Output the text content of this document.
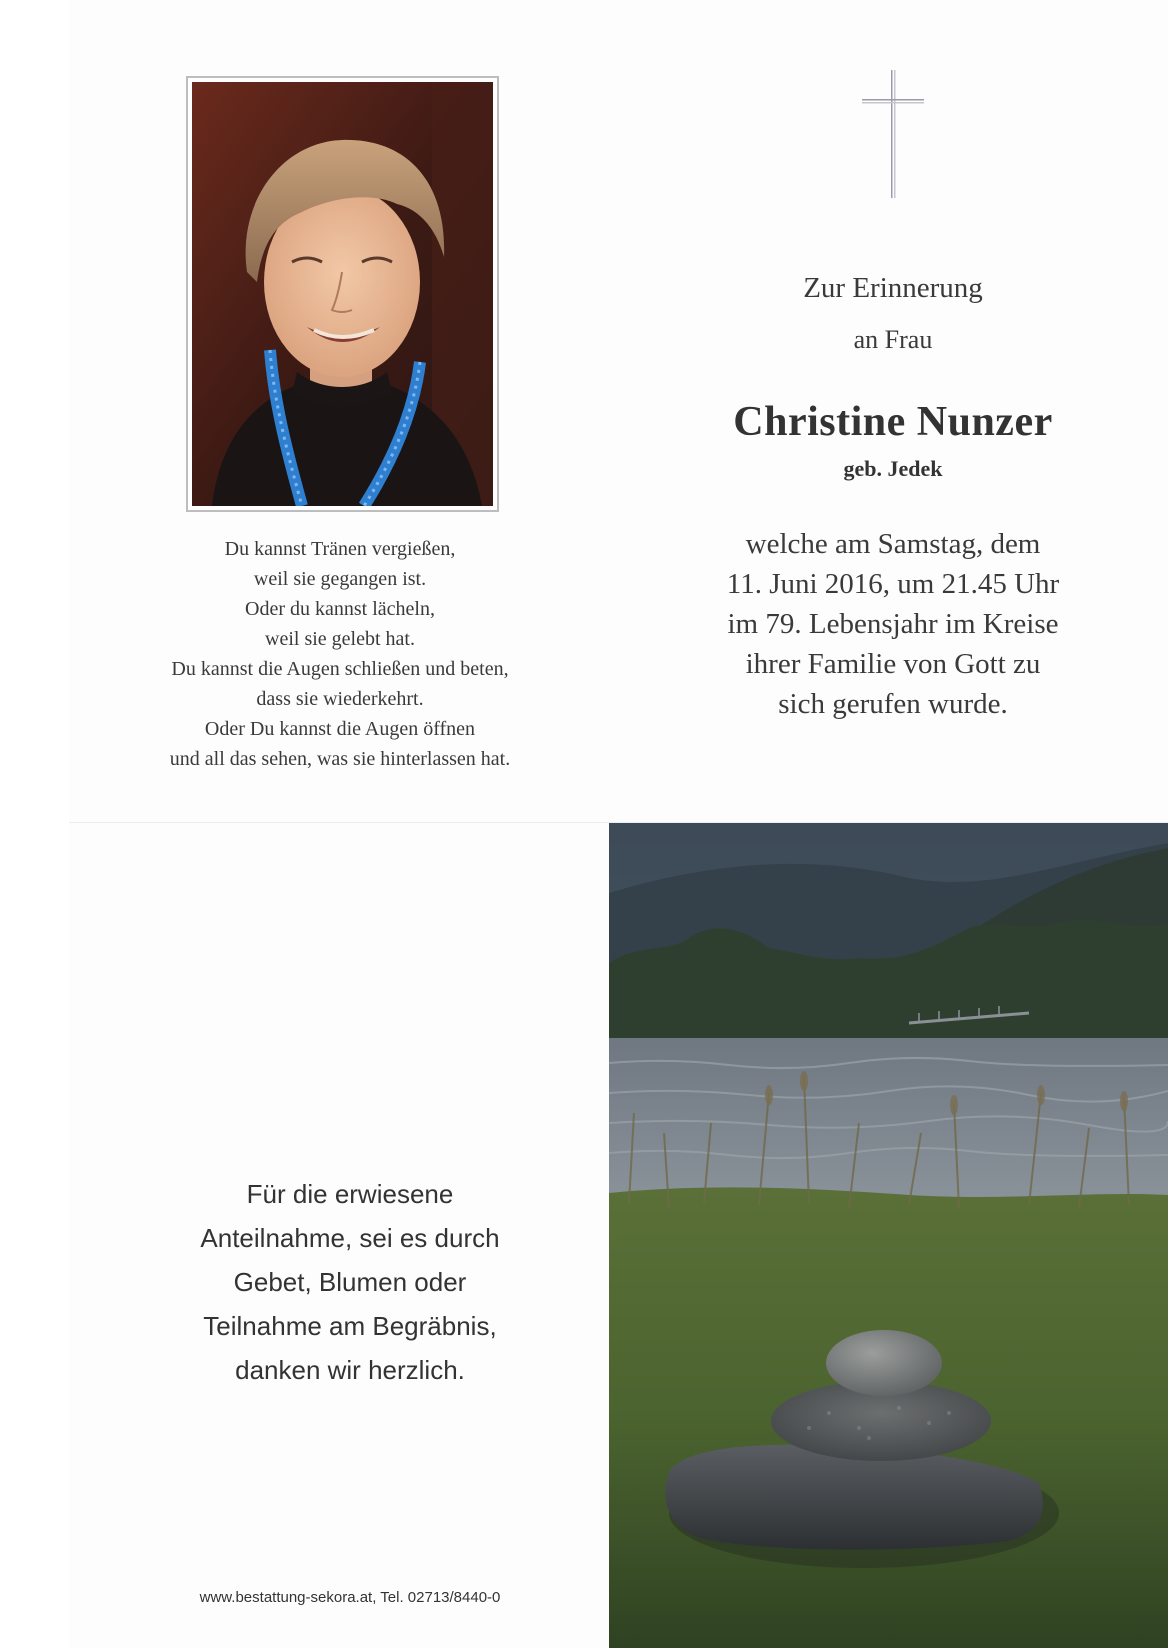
Du kannst Tränen vergießen,
weil sie gegangen ist.
Oder du kannst lächeln,
weil sie gelebt hat.
Du kannst die Augen schließen und beten,
dass sie wiederkehrt.
Oder Du kannst die Augen öffnen
und all das sehen, was sie hinterlassen hat.
Zur Erinnerung
an Frau
Christine Nunzer
geb. Jedek
welche am Samstag, dem
11. Juni 2016, um 21.45 Uhr
im 79. Lebensjahr im Kreise
ihrer Familie von Gott zu
sich gerufen wurde.
Für die erwiesene
Anteilnahme, sei es durch
Gebet, Blumen oder
Teilnahme am Begräbnis,
danken wir herzlich.
www.bestattung-sekora.at, Tel. 02713/8440-0
